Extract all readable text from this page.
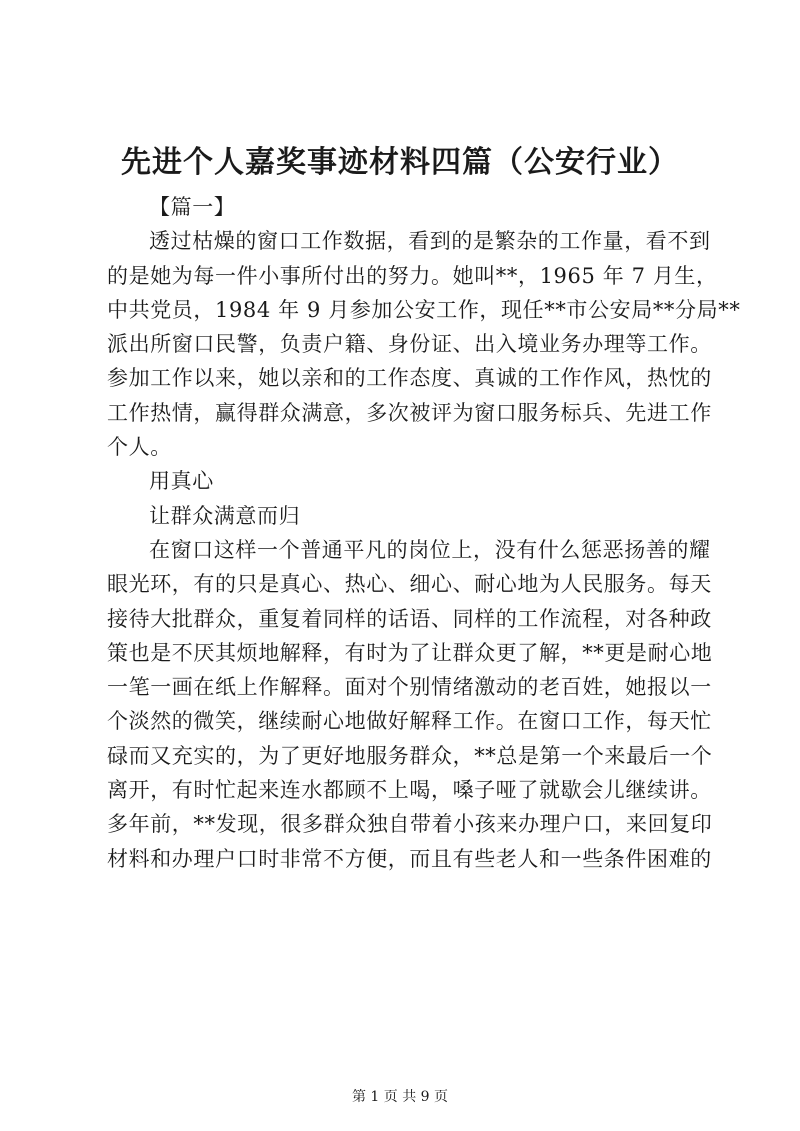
先进个人嘉奖事迹材料四篇（公安行业）
【篇一】
透过枯燥的窗口工作数据，看到的是繁杂的工作量，看不到
的是她为每一件小事所付出的努力。她叫**，1965 年 7 月生，
中共党员，1984 年 9 月参加公安工作，现任**市公安局**分局**
派出所窗口民警，负责户籍、身份证、出入境业务办理等工作。
参加工作以来，她以亲和的工作态度、真诚的工作作风，热忱的
工作热情，赢得群众满意，多次被评为窗口服务标兵、先进工作
个人。
用真心
让群众满意而归
在窗口这样一个普通平凡的岗位上，没有什么惩恶扬善的耀
眼光环，有的只是真心、热心、细心、耐心地为人民服务。每天
接待大批群众，重复着同样的话语、同样的工作流程，对各种政
策也是不厌其烦地解释，有时为了让群众更了解，**更是耐心地
一笔一画在纸上作解释。面对个别情绪激动的老百姓，她报以一
个淡然的微笑，继续耐心地做好解释工作。在窗口工作，每天忙
碌而又充实的，为了更好地服务群众，**总是第一个来最后一个
离开，有时忙起来连水都顾不上喝，嗓子哑了就歇会儿继续讲。
多年前，**发现，很多群众独自带着小孩来办理户口，来回复印
材料和办理户口时非常不方便，而且有些老人和一些条件困难的
第 1 页 共 9 页
